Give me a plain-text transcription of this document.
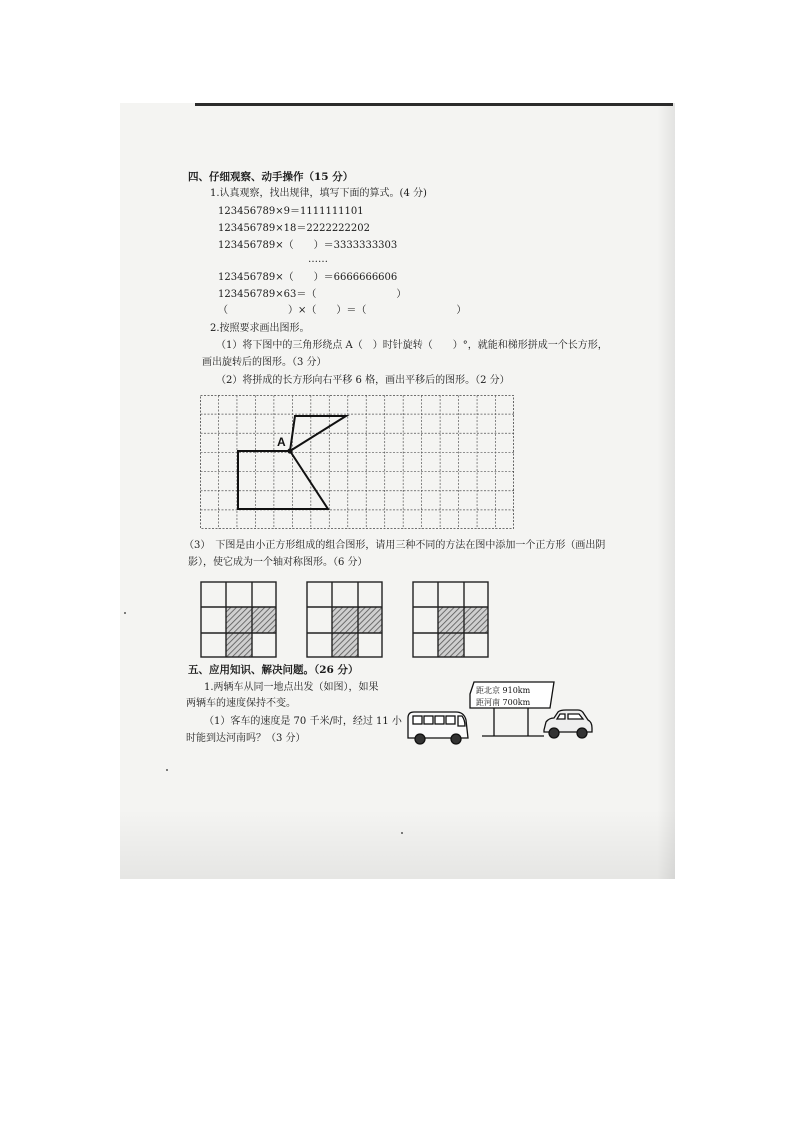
四、仔细观察、动手操作（15 分）
1.认真观察，找出规律，填写下面的算式。(4 分)
123456789×9＝1111111101
123456789×18＝2222222202
123456789×（　　）＝3333333303
……
123456789×（　　）＝6666666606
123456789×63＝（　　　　　　　　）
（　　　　　　）×（　　）＝（　　　　　　　　　）
2.按照要求画出图形。
（1）将下图中的三角形绕点 A（　）时针旋转（　　）°，就能和梯形拼成一个长方形，
画出旋转后的图形。（3 分）
（2）将拼成的长方形向右平移 6 格，画出平移后的图形。（2 分）
A
（3）　下图是由小正方形组成的组合图形，请用三种不同的方法在图中添加一个正方形（画出阴
影），使它成为一个轴对称图形。（6 分）
五、应用知识、解决问题。（26 分）
1.两辆车从同一地点出发（如图），如果
两辆车的速度保持不变。
（1）客车的速度是 70 千米/时，经过 11 小
时能到达河南吗？（3 分）
距北京 910km
距河南 700km
